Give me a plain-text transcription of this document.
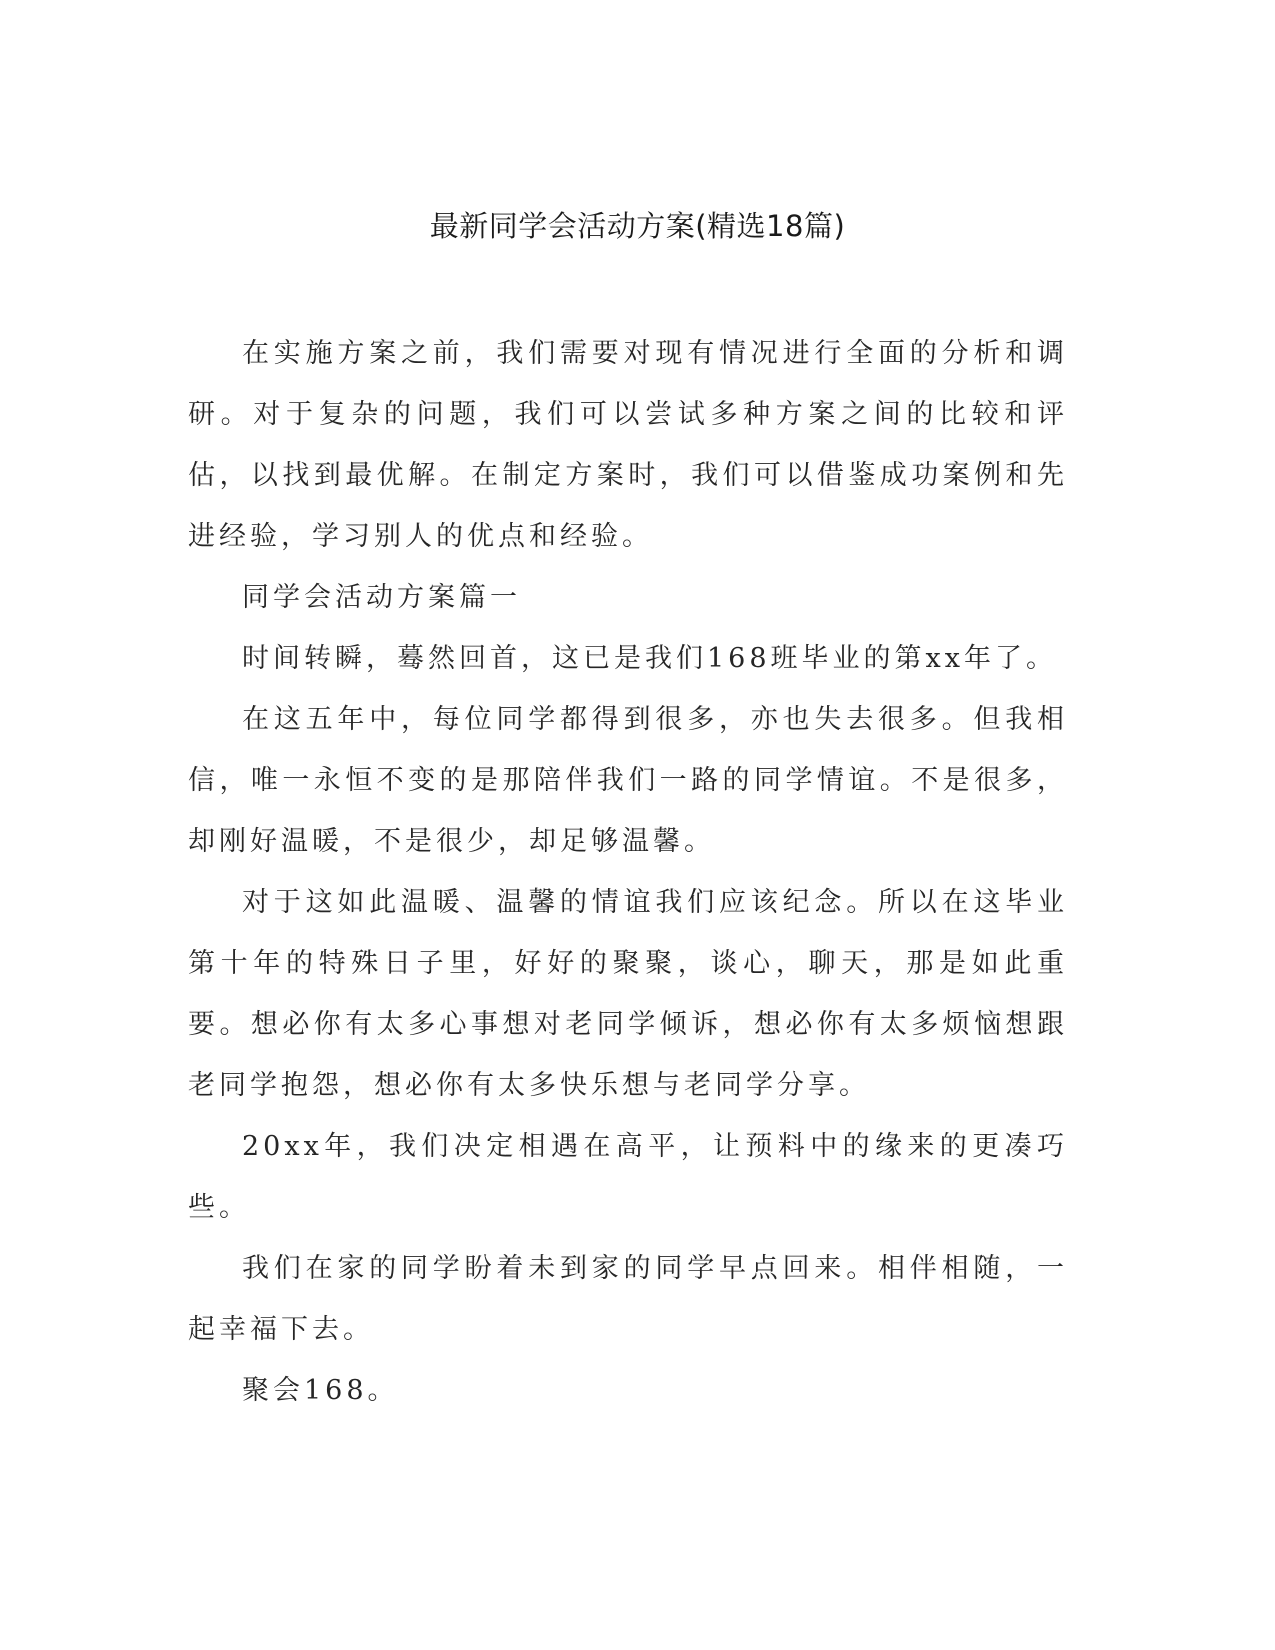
最新同学会活动方案(精选18篇)

在实施方案之前，我们需要对现有情况进行全面的分析和调研。对于复杂的问题，我们可以尝试多种方案之间的比较和评估，以找到最优解。在制定方案时，我们可以借鉴成功案例和先进经验，学习别人的优点和经验。

同学会活动方案篇一

时间转瞬，蓦然回首，这已是我们168班毕业的第xx年了。

在这五年中，每位同学都得到很多，亦也失去很多。但我相信，唯一永恒不变的是那陪伴我们一路的同学情谊。不是很多，却刚好温暖，不是很少，却足够温馨。

对于这如此温暖、温馨的情谊我们应该纪念。所以在这毕业第十年的特殊日子里，好好的聚聚，谈心，聊天，那是如此重要。想必你有太多心事想对老同学倾诉，想必你有太多烦恼想跟老同学抱怨，想必你有太多快乐想与老同学分享。

20xx年，我们决定相遇在高平，让预料中的缘来的更凑巧些。

我们在家的同学盼着未到家的同学早点回来。相伴相随，一起幸福下去。

聚会168。
